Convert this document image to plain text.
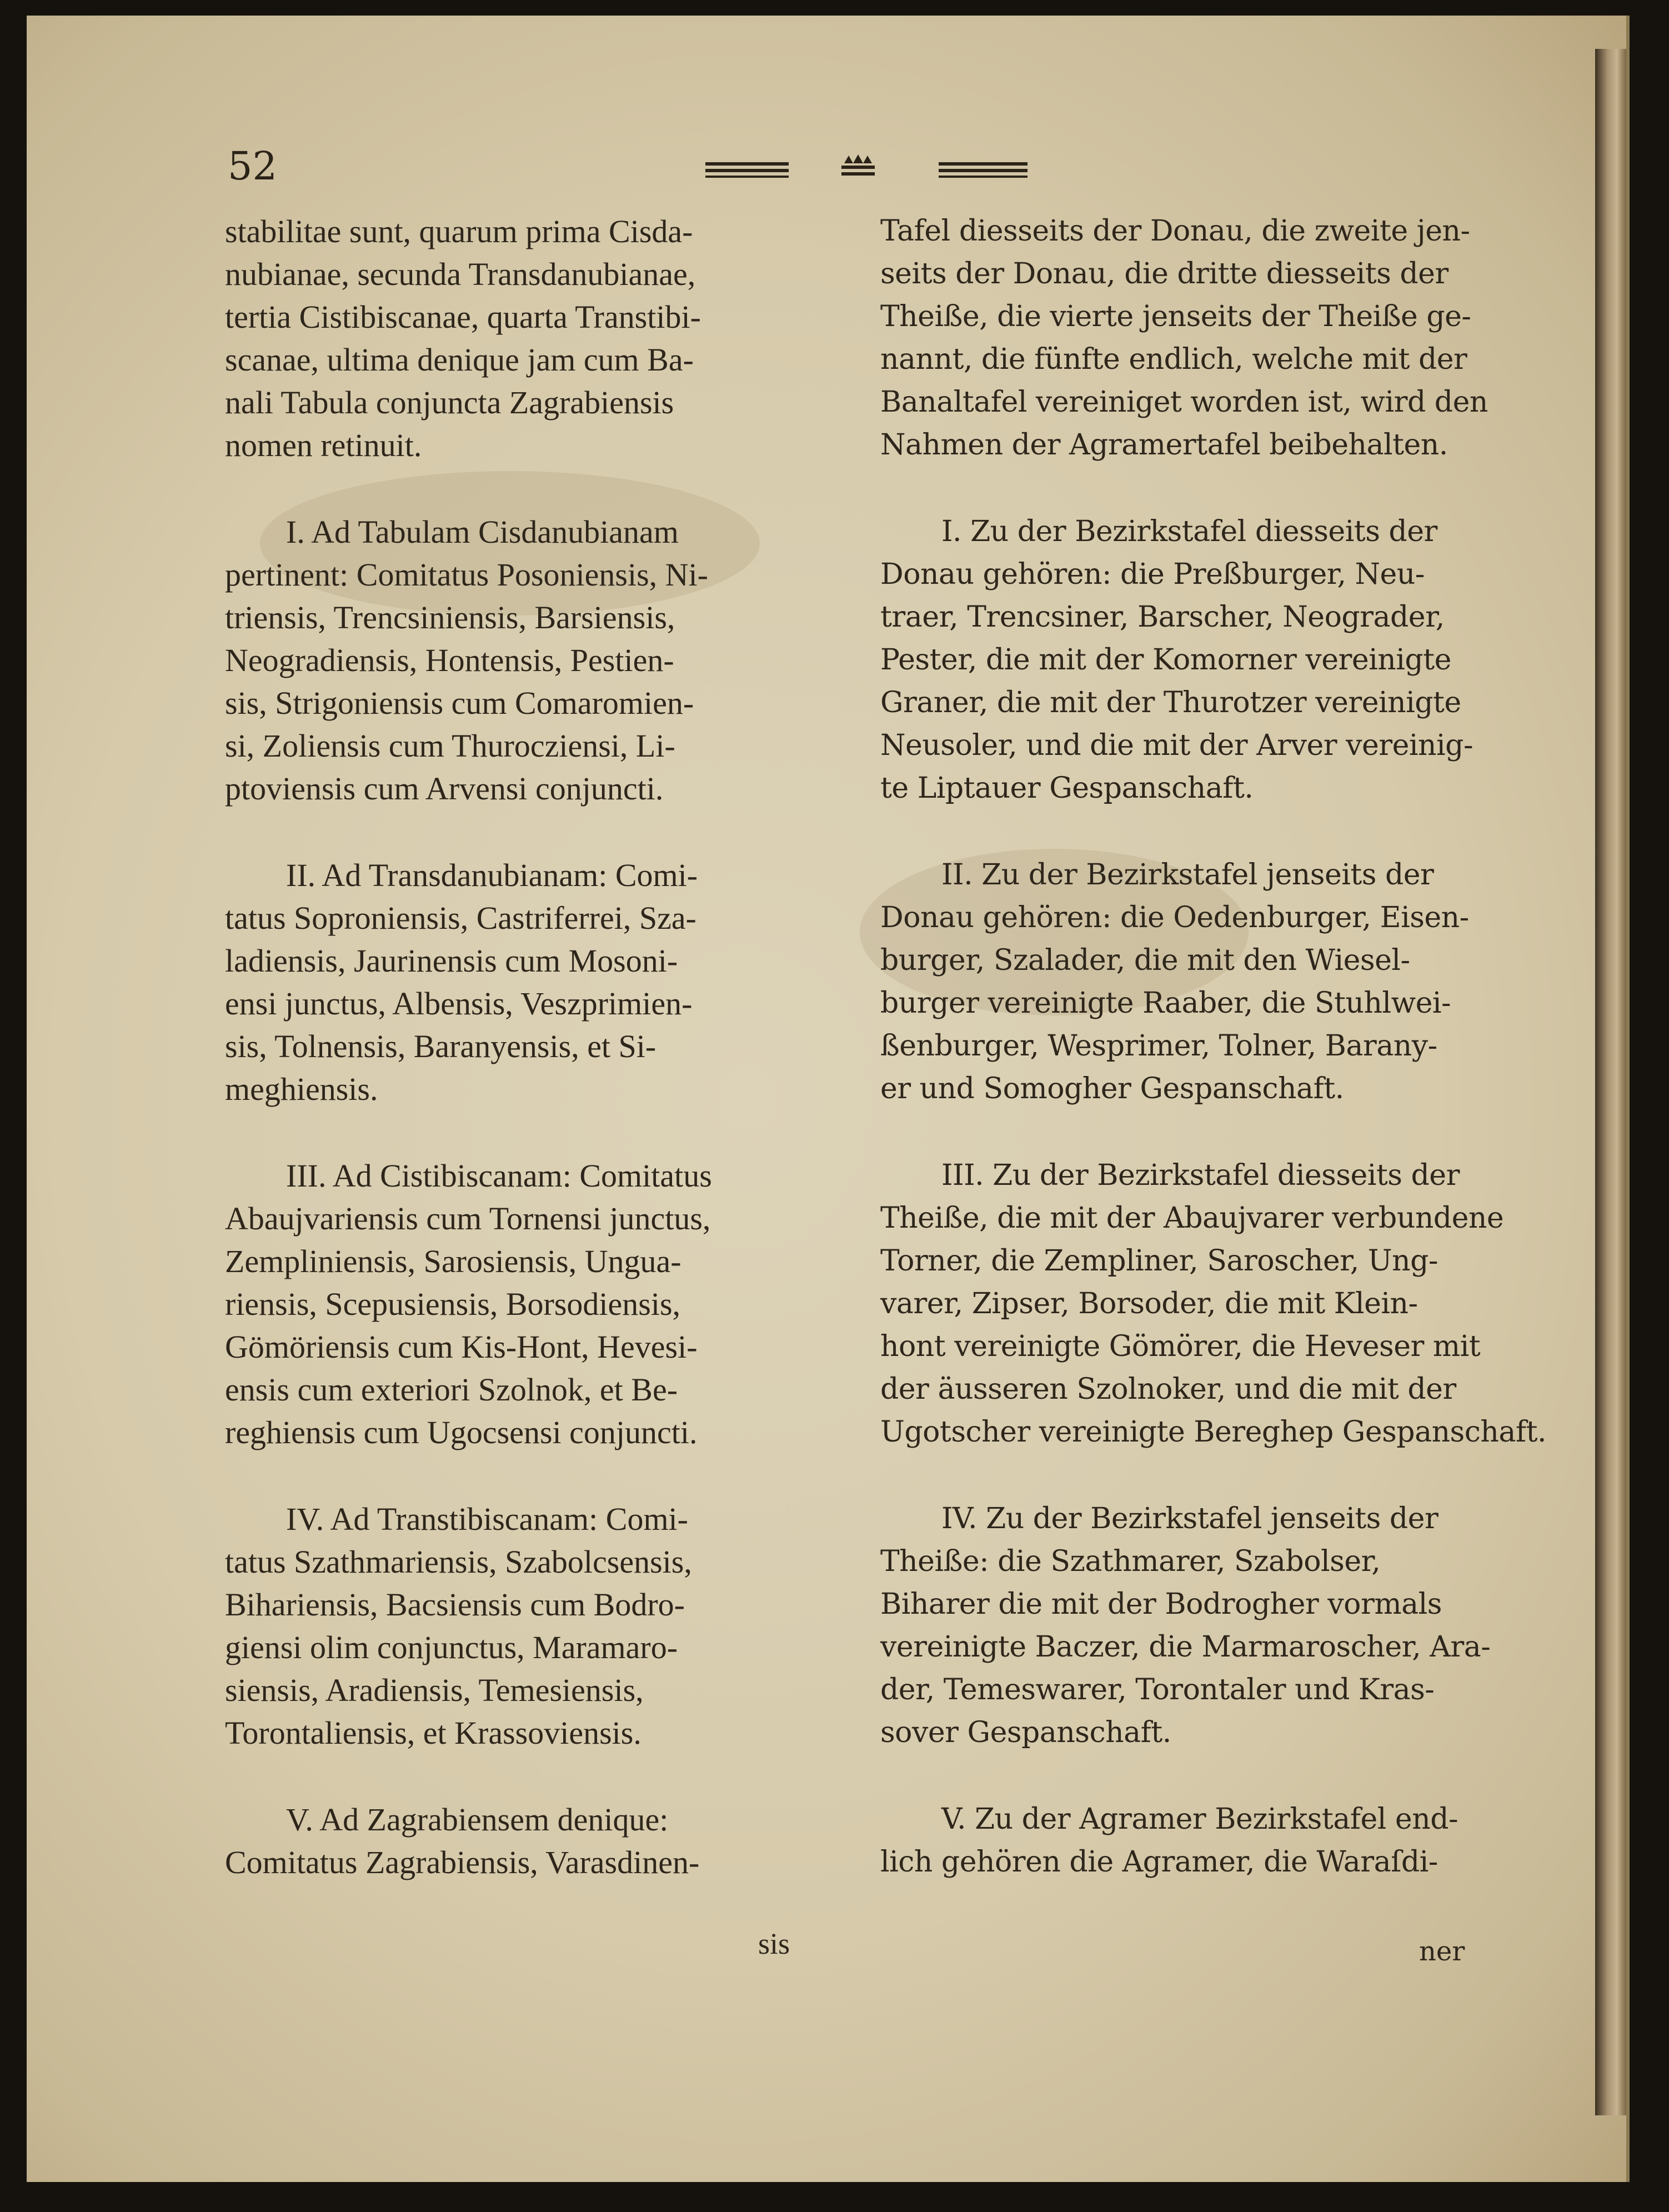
52
stabilitae sunt, quarum prima Cisda-
nubianae, secunda Transdanubianae,
tertia Cistibiscanae, quarta Transtibi-
scanae, ultima denique jam cum Ba-
nali Tabula conjuncta Zagrabiensis
nomen retinuit.
I. Ad Tabulam Cisdanubianam
pertinent: Comitatus Posoniensis, Ni-
triensis, Trencsiniensis, Barsiensis,
Neogradiensis, Hontensis, Pestien-
sis, Strigoniensis cum Comaromien-
si, Zoliensis cum Thurocziensi, Li-
ptoviensis cum Arvensi conjuncti.
II. Ad Transdanubianam: Comi-
tatus Soproniensis, Castriferrei, Sza-
ladiensis, Jaurinensis cum Mosoni-
ensi junctus, Albensis, Veszprimien-
sis, Tolnensis, Baranyensis, et Si-
meghiensis.
III. Ad Cistibiscanam: Comitatus
Abaujvariensis cum Tornensi junctus,
Zempliniensis, Sarosiensis, Ungua-
riensis, Scepusiensis, Borsodiensis,
Gömöriensis cum Kis-Hont, Hevesi-
ensis cum exteriori Szolnok, et Be-
reghiensis cum Ugocsensi conjuncti.
IV. Ad Transtibiscanam: Comi-
tatus Szathmariensis, Szabolcsensis,
Bihariensis, Bacsiensis cum Bodro-
giensi olim conjunctus, Maramaro-
siensis, Aradiensis, Temesiensis,
Torontaliensis, et Krassoviensis.
V. Ad Zagrabiensem denique:
Comitatus Zagrabiensis, Varasdinen-
Tafel diesseits der Donau, die zweite jen-
seits der Donau, die dritte diesseits der
Theiße, die vierte jenseits der Theiße ge-
nannt, die fünfte endlich, welche mit der
Banaltafel vereiniget worden ist, wird den
Nahmen der Agramertafel beibehalten.
I. Zu der Bezirkstafel diesseits der
Donau gehören: die Preßburger, Neu-
traer, Trencsiner, Barscher, Neograder,
Pester, die mit der Komorner vereinigte
Graner, die mit der Thurotzer vereinigte
Neusoler, und die mit der Arver vereinig-
te Liptauer Gespanschaft.
II. Zu der Bezirkstafel jenseits der
Donau gehören: die Oedenburger, Eisen-
burger, Szalader, die mit den Wiesel-
burger vereinigte Raaber, die Stuhlwei-
ßenburger, Wesprimer, Tolner, Barany-
er und Somogher Gespanschaft.
III. Zu der Bezirkstafel diesseits der
Theiße, die mit der Abaujvarer verbundene
Torner, die Zempliner, Saroscher, Ung-
varer, Zipser, Borsoder, die mit Klein-
hont vereinigte Gömörer, die Heveser mit
der äusseren Szolnoker, und die mit der
Ugotscher vereinigte Bereghер Gespanschaft.
IV. Zu der Bezirkstafel jenseits der
Theiße: die Szathmarer, Szabolser,
Biharer die mit der Bodrogher vormals
vereinigte Baczer, die Marmaroscher, Ara-
der, Temeswarer, Torontaler und Kras-
sover Gespanschaft.
V. Zu der Agramer Bezirkstafel end-
lich gehören die Agramer, die Waraſdi-
sis	ner
